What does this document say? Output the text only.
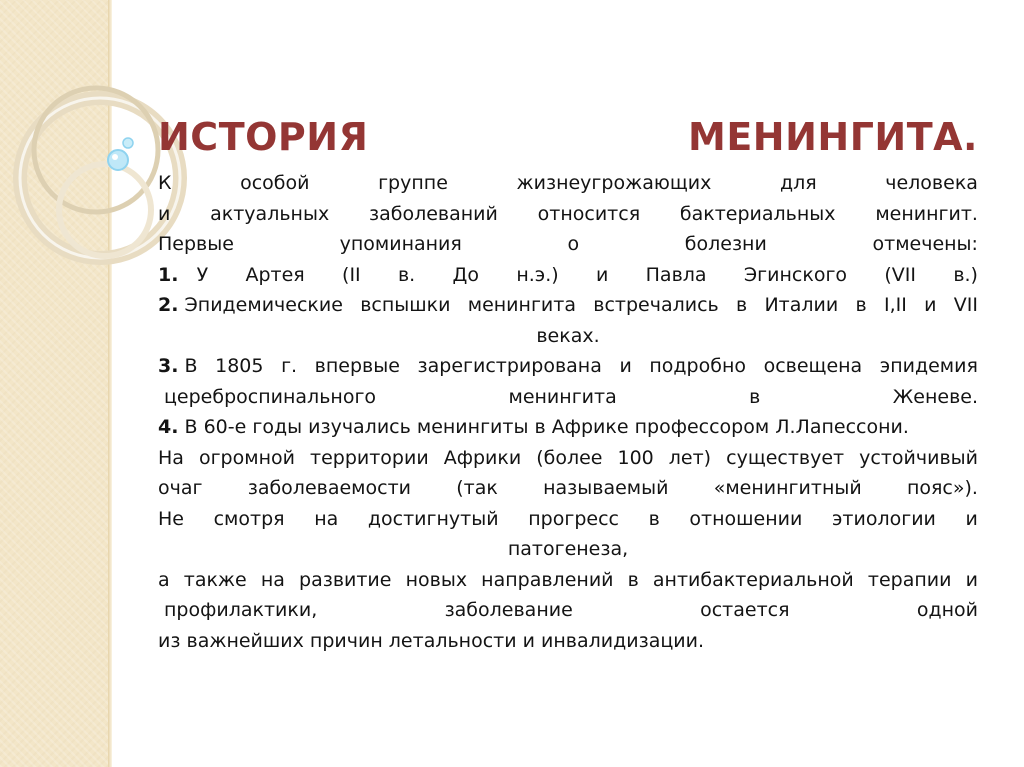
ИСТОРИЯ	МЕНИНГИТА.

К	особой	группе	жизнеугрожающих	для	человека

и актуальных заболеваний относится бактериальных менингит.

Первые	упоминания	о	болезни	отмечены:

1. У Артея (II в. До н.э.) и Павла Эгинского (VII в.)

2. Эпидемические вспышки менингита встречались в Италии в I,II и VII

веках.

3. В 1805 г. впервые зарегистрирована и подробно освещена эпидемия

цереброспинального	менингита	в	Женеве.

4. В 60-е годы изучались менингиты в Африке профессором Л.Лапессони.

На огромной территории Африки (более 100 лет) существует устойчивый

очаг заболеваемости (так называемый «менингитный пояс»).

Не смотря на достигнутый прогресс в отношении этиологии и

патогенеза,

а также на развитие новых направлений в антибактериальной терапии и

профилактики,	заболевание	остается	одной

из важнейших причин летальности и инвалидизации.
